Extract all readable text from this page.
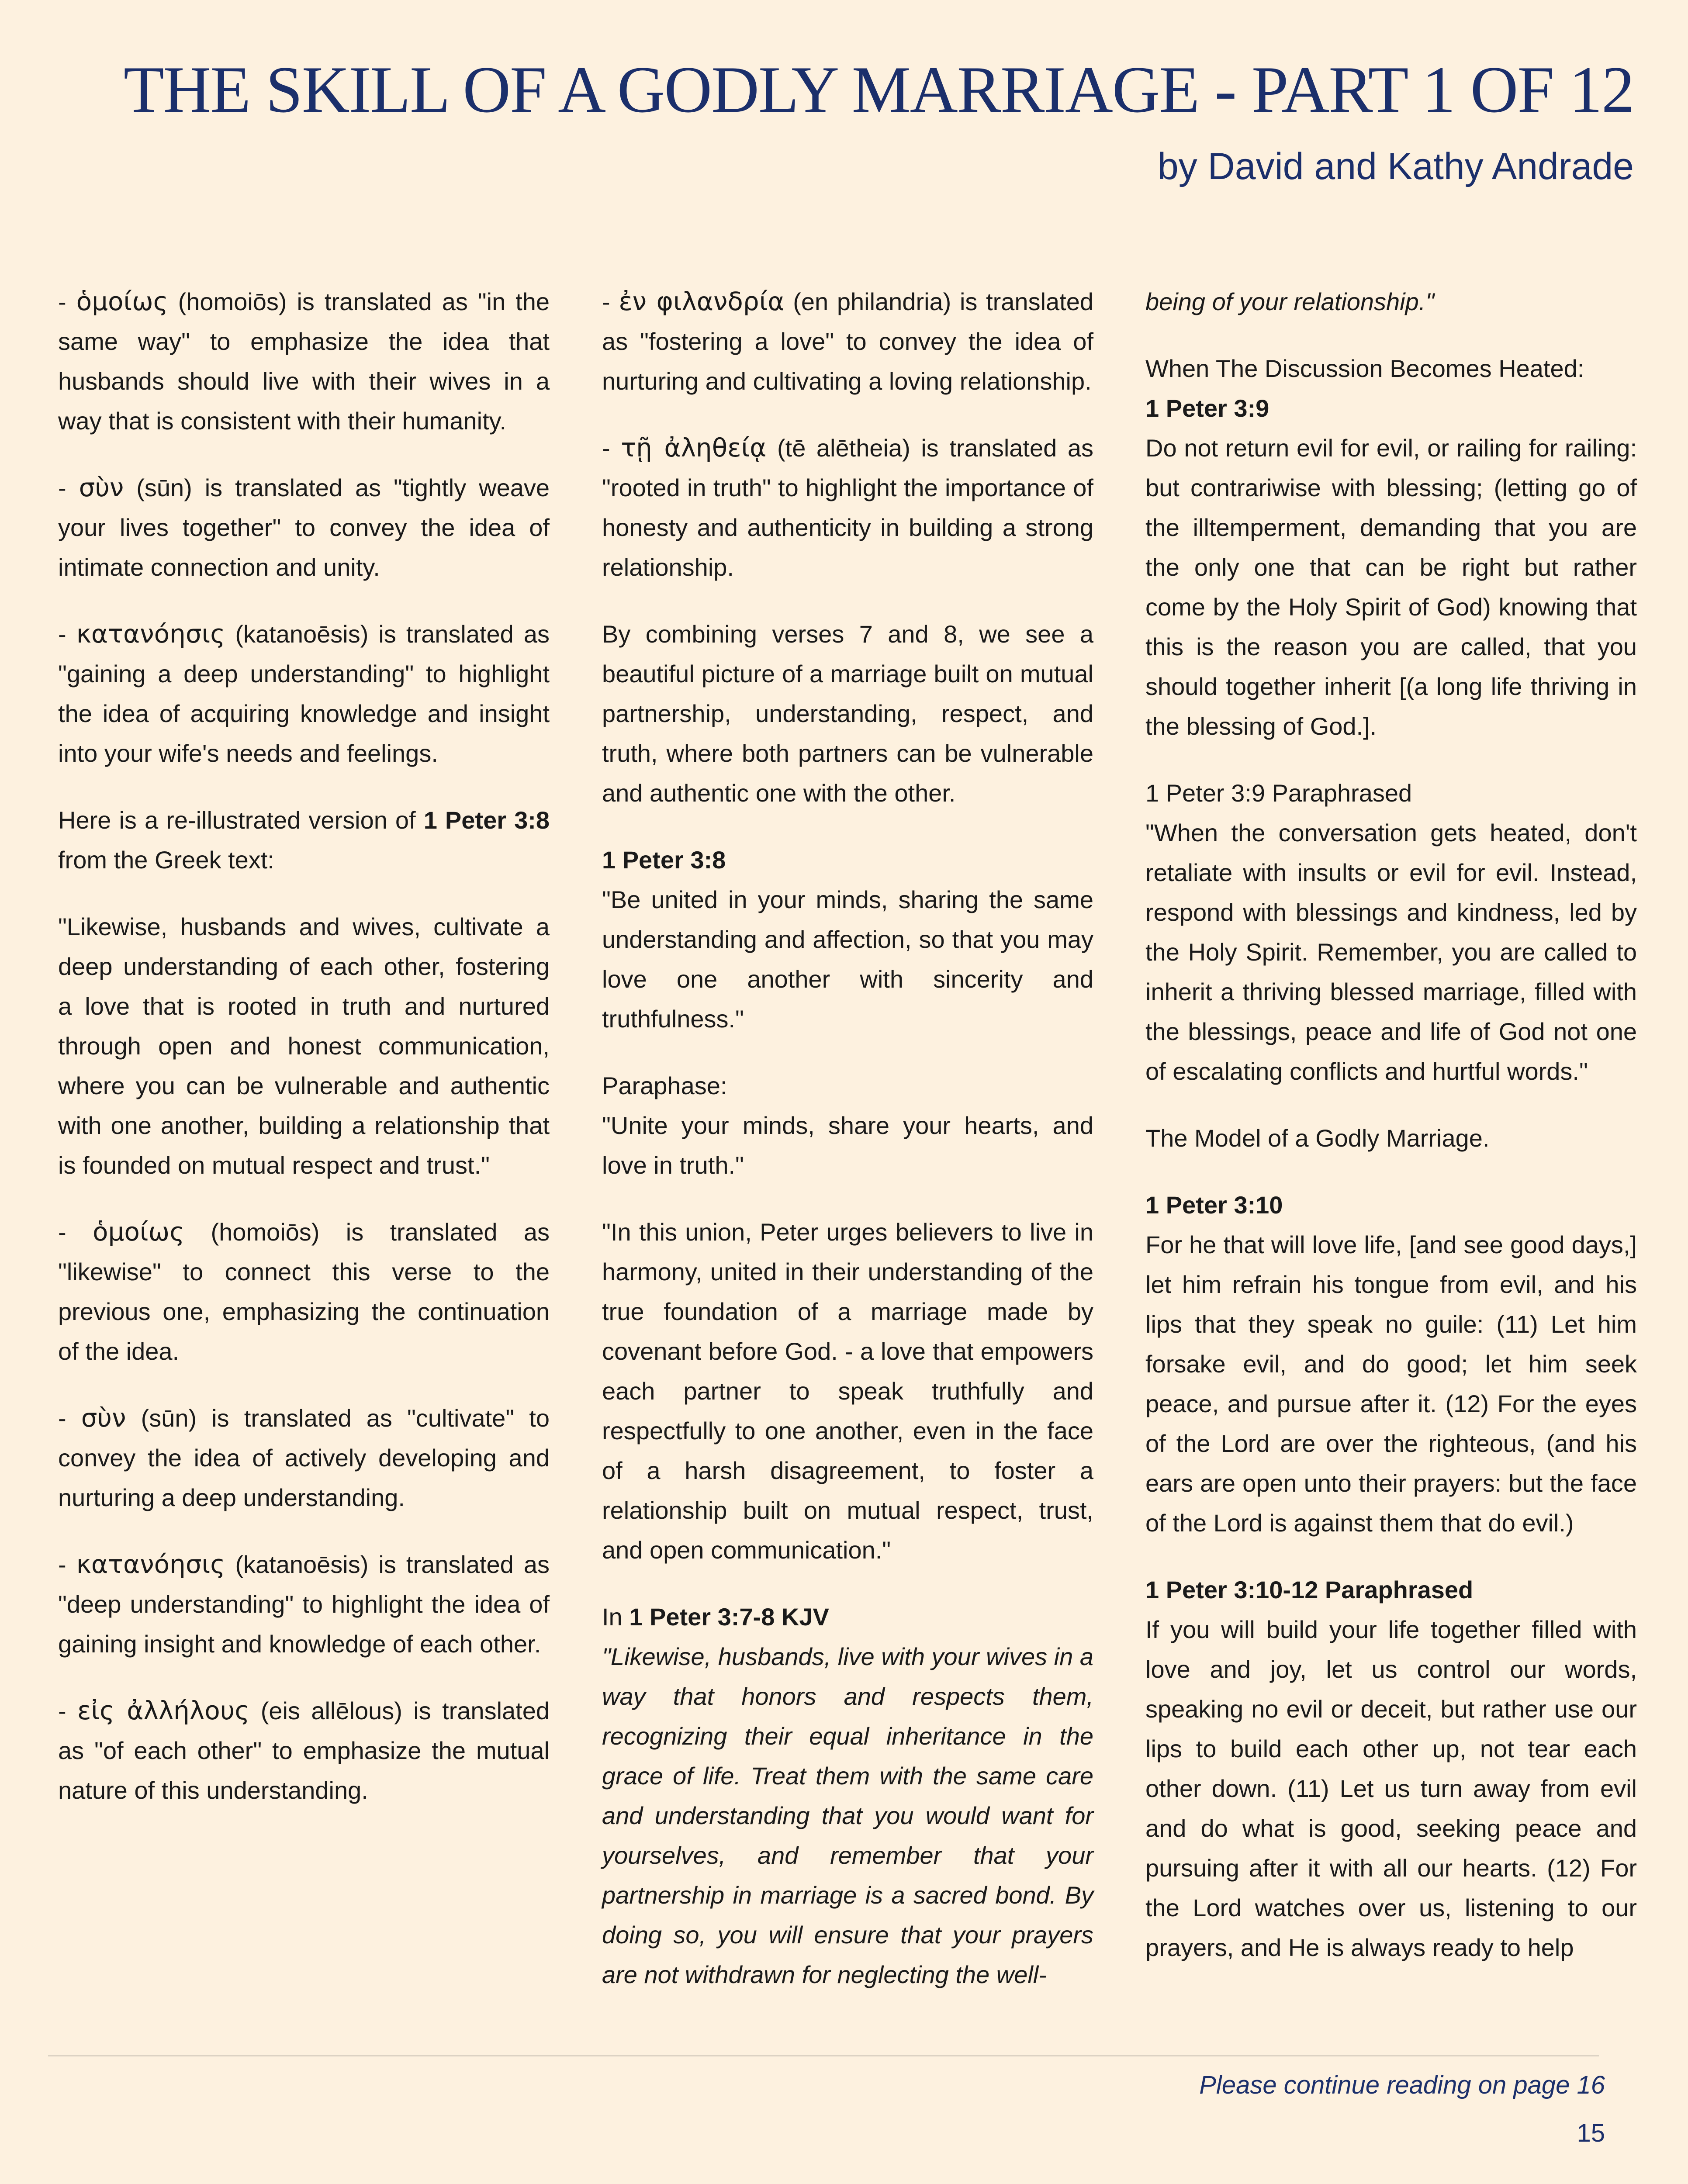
THE SKILL OF A GODLY MARRIAGE - PART 1 OF 12
by David and Kathy Andrade

- ὁμοίως (homoiōs) is translated as "in the same way" to emphasize the idea that husbands should live with their wives in a way that is consistent with their humanity.

- σὺν (sūn) is translated as "tightly weave your lives together" to convey the idea of intimate connection and unity.

- κατανόησις (katanoēsis) is translated as "gaining a deep understanding" to highlight the idea of acquiring knowledge and insight into your wife's needs and feelings.

Here is a re-illustrated version of 1 Peter 3:8 from the Greek text:

"Likewise, husbands and wives, cultivate a deep understanding of each other, fostering a love that is rooted in truth and nurtured through open and honest communication, where you can be vulnerable and authentic with one another, building a relationship that is founded on mutual respect and trust."

- ὁμοίως (homoiōs) is translated as "likewise" to connect this verse to the previous one, emphasizing the continuation of the idea.

- σὺν (sūn) is translated as "cultivate" to convey the idea of actively developing and nurturing a deep understanding.

- κατανόησις (katanoēsis) is translated as "deep understanding" to highlight the idea of gaining insight and knowledge of each other.

- εἰς ἀλλήλους (eis allēlous) is translated as "of each other" to emphasize the mutual nature of this understanding.

- ἐν φιλανδρία (en philandria) is translated as "fostering a love" to convey the idea of nurturing and cultivating a loving relationship.

- τῇ ἀληθείᾳ (tē alētheia) is translated as "rooted in truth" to highlight the importance of honesty and authenticity in building a strong relationship.

By combining verses 7 and 8, we see a beautiful picture of a marriage built on mutual partnership, understanding, respect, and truth, where both partners can be vulnerable and authentic one with the other.

1 Peter 3:8
"Be united in your minds, sharing the same understanding and affection, so that you may love one another with sincerity and truthfulness."

Paraphase:
"Unite your minds, share your hearts, and love in truth."

"In this union, Peter urges believers to live in harmony, united in their understanding of the true foundation of a marriage made by covenant before God. - a love that empowers each partner to speak truthfully and respectfully to one another, even in the face of a harsh disagreement, to foster a relationship built on mutual respect, trust, and open communication."

In 1 Peter 3:7-8 KJV
"Likewise, husbands, live with your wives in a way that honors and respects them, recognizing their equal inheritance in the grace of life. Treat them with the same care and understanding that you would want for yourselves, and remember that your partnership in marriage is a sacred bond. By doing so, you will ensure that your prayers are not withdrawn for neglecting the well-

being of your relationship."

When The Discussion Becomes Heated:
1 Peter 3:9
Do not return evil for evil, or railing for railing: but contrariwise with blessing; (letting go of the illtemperment, demanding that you are the only one that can be right but rather come by the Holy Spirit of God) knowing that this is the reason you are called, that you should together inherit [(a long life thriving in the blessing of God.].

1 Peter 3:9 Paraphrased
"When the conversation gets heated, don't retaliate with insults or evil for evil. Instead, respond with blessings and kindness, led by the Holy Spirit. Remember, you are called to inherit a thriving blessed marriage, filled with the blessings, peace and life of God not one of escalating conflicts and hurtful words."

The Model of a Godly Marriage.

1 Peter 3:10
For he that will love life, [and see good days,] let him refrain his tongue from evil, and his lips that they speak no guile: (11) Let him forsake evil, and do good; let him seek peace, and pursue after it. (12) For the eyes of the Lord are over the righteous, (and his ears are open unto their prayers: but the face of the Lord is against them that do evil.)

1 Peter 3:10-12 Paraphrased
If you will build your life together filled with love and joy, let us control our words, speaking no evil or deceit, but rather use our lips to build each other up, not tear each other down. (11) Let us turn away from evil and do what is good, seeking peace and pursuing after it with all our hearts. (12) For the Lord watches over us, listening to our prayers, and He is always ready to help

Please continue reading on page 16
15
